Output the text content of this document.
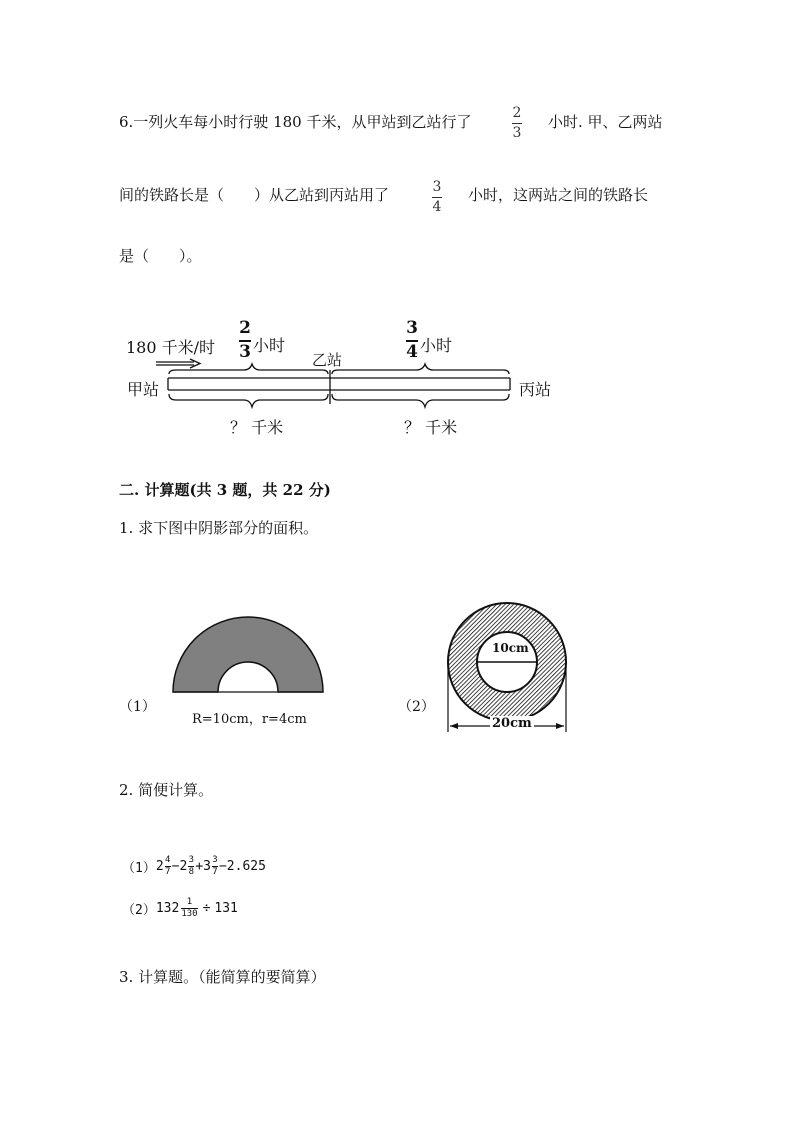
6.一列火车每小时行驶 180 千米，从甲站到乙站行了	2
3
小时. 甲、乙两站
间的铁路长是（　　）从乙站到丙站用了	3
4
小时，这两站之间的铁路长
是（　　）。
180 千米/时
2
3 小时
3
4 小时
乙站
甲站	丙站
？ 千米	？ 千米
二. 计算题(共 3 题，共 22 分)
1. 求下图中阴影部分的面积。
（1）
R=10cm，r=4cm
（2）
10cm
20cm
2. 简便计算。
（1） 2 4
7 − 2 3
8 + 3 3
7 − 2.625
（2） 132 1
130 ÷ 131
3. 计算题。（能简算的要简算）
